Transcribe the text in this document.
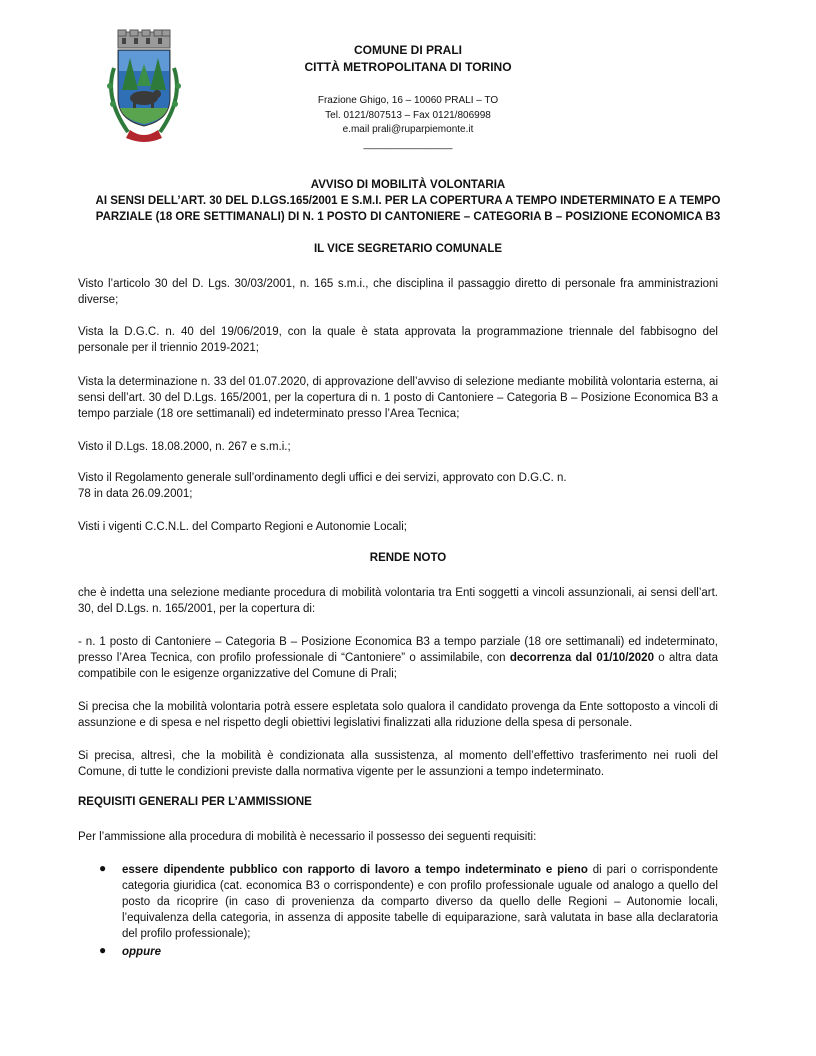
COMUNE DI PRALI
CITTÀ METROPOLITANA DI TORINO
Frazione Ghigo, 16 – 10060 PRALI – TO
Tel. 0121/807513 – Fax 0121/806998
e.mail prali@ruparpiemonte.it
________________
AVVISO DI MOBILITÀ VOLONTARIA
AI SENSI DELL’ART. 30 DEL D.LGS.165/2001 E S.M.I. PER LA COPERTURA A TEMPO INDETERMINATO E A TEMPO
PARZIALE (18 ORE SETTIMANALI) DI N. 1 POSTO DI CANTONIERE – CATEGORIA B – POSIZIONE ECONOMICA B3
IL VICE SEGRETARIO COMUNALE
Visto l’articolo 30 del D. Lgs. 30/03/2001, n. 165 s.m.i., che disciplina il passaggio diretto di personale fra amministrazioni diverse;
Vista la D.G.C. n. 40 del 19/06/2019, con la quale è stata approvata la programmazione triennale del fabbisogno del personale per il triennio 2019-2021;
Vista la determinazione n. 33 del 01.07.2020, di approvazione dell’avviso di selezione mediante mobilità volontaria esterna, ai sensi dell’art. 30 del D.Lgs. 165/2001, per la copertura di n. 1 posto di Cantoniere – Categoria B – Posizione Economica B3 a tempo parziale (18 ore settimanali) ed indeterminato presso l’Area Tecnica;
Visto il D.Lgs. 18.08.2000, n. 267 e s.m.i.;
Visto il Regolamento generale sull’ordinamento degli uffici e dei servizi, approvato con D.G.C. n.
78 in data 26.09.2001;
Visti i vigenti C.C.N.L. del Comparto Regioni e Autonomie Locali;
RENDE NOTO
che è indetta una selezione mediante procedura di mobilità volontaria tra Enti soggetti a vincoli assunzionali, ai sensi dell’art. 30, del D.Lgs. n. 165/2001, per la copertura di:
- n. 1 posto di Cantoniere – Categoria B – Posizione Economica B3 a tempo parziale (18 ore settimanali) ed indeterminato, presso l’Area Tecnica, con profilo professionale di “Cantoniere” o assimilabile, con decorrenza dal 01/10/2020 o altra data compatibile con le esigenze organizzative del Comune di Prali;
Si precisa che la mobilità volontaria potrà essere espletata solo qualora il candidato provenga da Ente sottoposto a vincoli di assunzione e di spesa e nel rispetto degli obiettivi legislativi finalizzati alla riduzione della spesa di personale.
Si precisa, altresì, che la mobilità è condizionata alla sussistenza, al momento dell’effettivo trasferimento nei ruoli del Comune, di tutte le condizioni previste dalla normativa vigente per le assunzioni a tempo indeterminato.
REQUISITI GENERALI PER L’AMMISSIONE
Per l’ammissione alla procedura di mobilità è necessario il possesso dei seguenti requisiti:
● essere dipendente pubblico con rapporto di lavoro a tempo indeterminato e pieno di pari o corrispondente categoria giuridica (cat. economica B3 o corrispondente) e con profilo professionale uguale od analogo a quello del posto da ricoprire (in caso di provenienza da comparto diverso da quello delle Regioni – Autonomie locali, l’equivalenza della categoria, in assenza di apposite tabelle di equiparazione, sarà valutata in base alla declaratoria del profilo professionale);
● oppure
